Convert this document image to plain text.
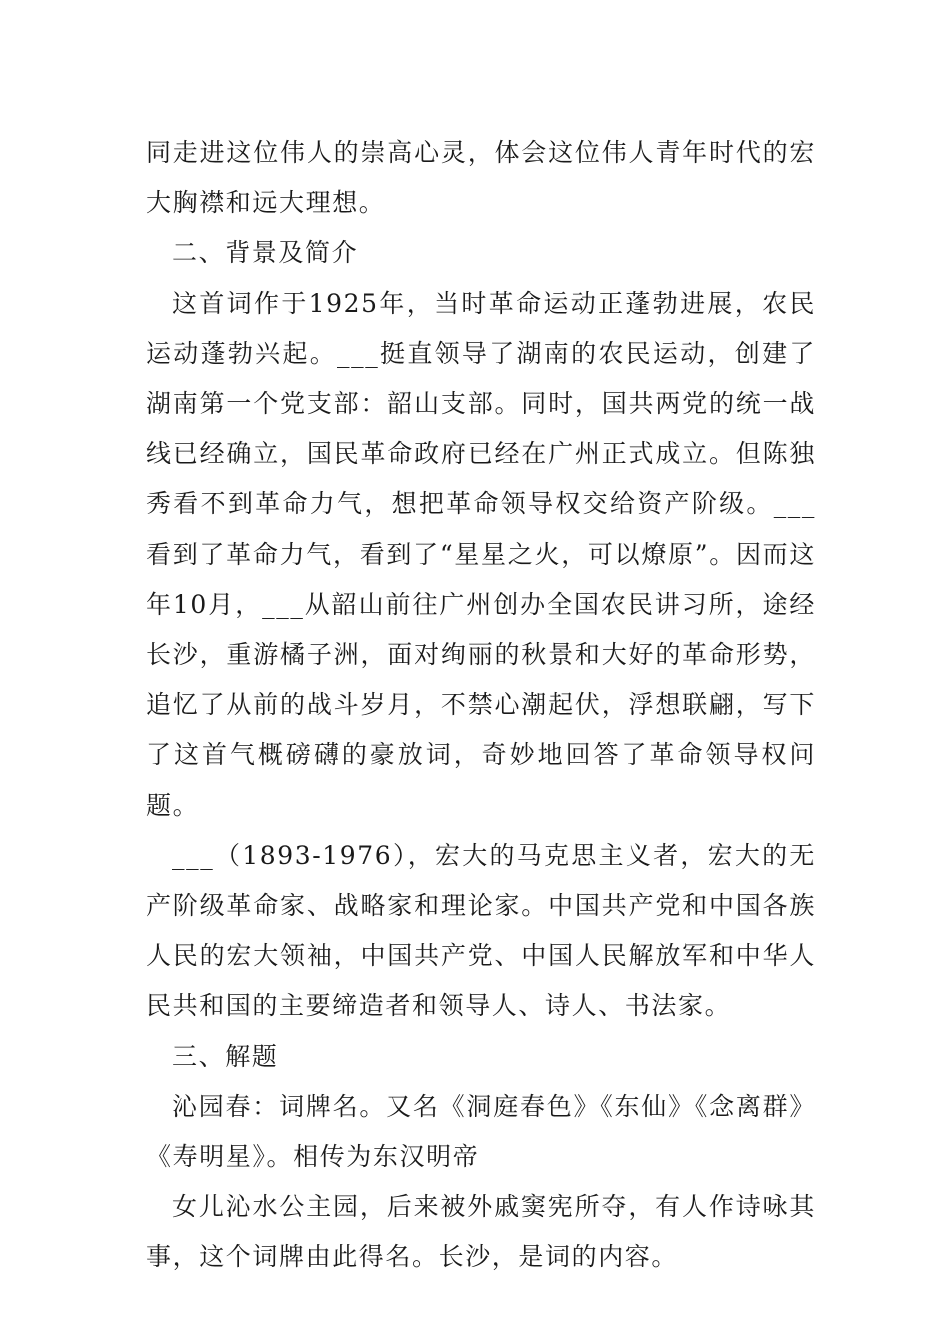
同走进这位伟人的崇高心灵，体会这位伟人青年时代的宏大胸襟和远大理想。

二、背景及简介

这首词作于1925年，当时革命运动正蓬勃进展，农民运动蓬勃兴起。___挺直领导了湖南的农民运动，创建了湖南第一个党支部：韶山支部。同时，国共两党的统一战线已经确立，国民革命政府已经在广州正式成立。但陈独秀看不到革命力气，想把革命领导权交给资产阶级。___看到了革命力气，看到了“星星之火，可以燎原”。因而这年10月，___从韶山前往广州创办全国农民讲习所，途经长沙，重游橘子洲，面对绚丽的秋景和大好的革命形势，追忆了从前的战斗岁月，不禁心潮起伏，浮想联翩，写下了这首气概磅礴的豪放词，奇妙地回答了革命领导权问题。

___（1893-1976），宏大的马克思主义者，宏大的无产阶级革命家、战略家和理论家。中国共产党和中国各族人民的宏大领袖，中国共产党、中国人民解放军和中华人民共和国的主要缔造者和领导人、诗人、书法家。

三、解题

沁园春：词牌名。又名《洞庭春色》《东仙》《念离群》《寿明星》。相传为东汉明帝

女儿沁水公主园，后来被外戚窦宪所夺，有人作诗咏其事，这个词牌由此得名。长沙，是词的内容。
